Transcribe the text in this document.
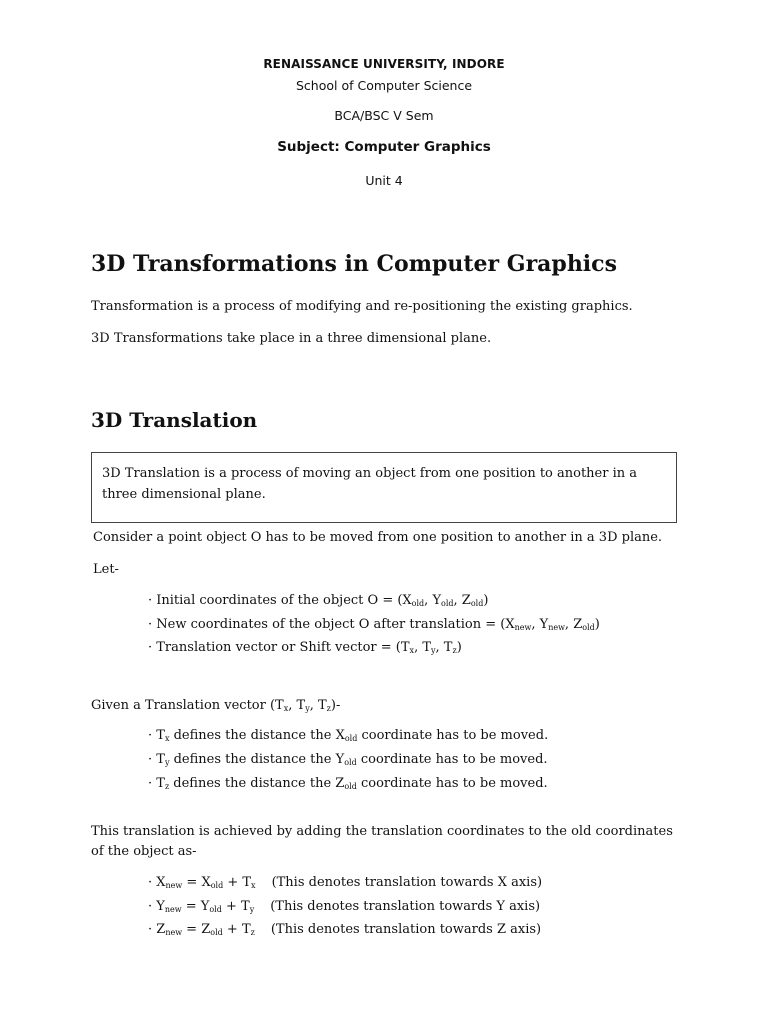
RENAISSANCE UNIVERSITY, INDORE
School of Computer Science
BCA/BSC V Sem
Subject: Computer Graphics
Unit 4
3D Transformations in Computer Graphics
Transformation is a process of modifying and re-positioning the existing graphics.
3D Transformations take place in a three dimensional plane.
3D Translation
3D Translation is a process of moving an object from one position to another in a three dimensional plane.
Consider a point object O has to be moved from one position to another in a 3D plane.
Let-
· Initial coordinates of the object $O = (X_{old}$, $Y_{old}$, $Z_{old}$)
· New coordinates of the object O after translation = ($X_{new}$, $Y_{new}$, $Z_{old}$)
· Translation vector or Shift vector = ($T_x$, $T_y$, $T_z$)
Given a Translation vector ($T_x$, $T_y$, $T_z)-$
· $T_x$ defines the distance the $X_{old}$ coordinate has to be moved.
· $T_y$ defines the distance the $Y_{old}$ coordinate has to be moved.
· $T_z$ defines the distance the $Z_{old}$ coordinate has to be moved.
This translation is achieved by adding the translation coordinates to the old coordinates of the object as-
· $X_{new} = X_{old} + T_x$ (This denotes translation towards X axis)
· $Y_{new} = Y_{old} + T_y$ (This denotes translation towards Y axis)
· $Z_{new} = Z_{old} + T_z$ (This denotes translation towards Z axis)
